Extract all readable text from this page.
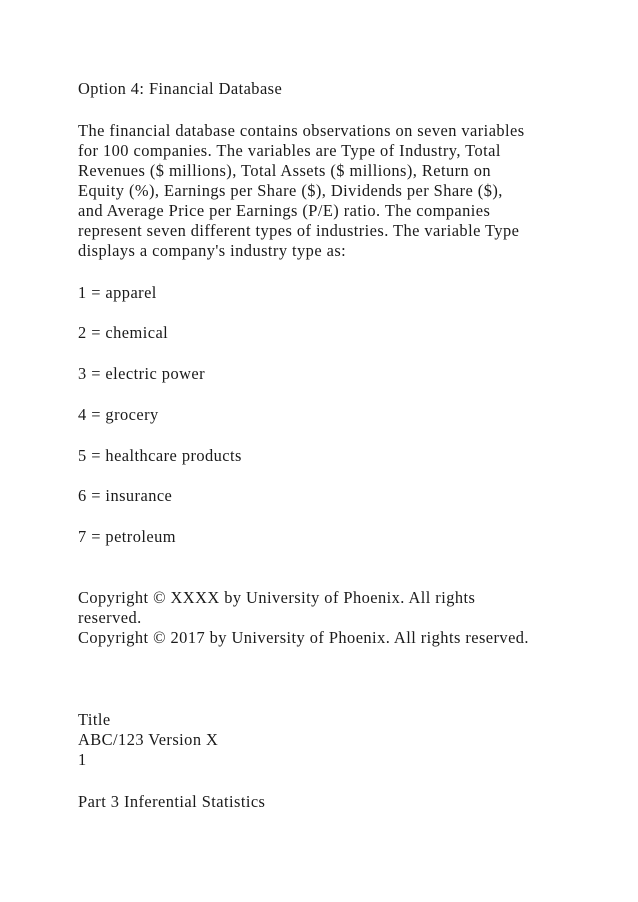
Option 4: Financial Database

The financial database contains observations on seven variables

for 100 companies. The variables are Type of Industry, Total

Revenues ($ millions), Total Assets ($ millions), Return on

Equity (%), Earnings per Share ($), Dividends per Share ($),

and Average Price per Earnings (P/E) ratio. The companies

represent seven different types of industries. The variable Type

displays a company's industry type as:

1 = apparel

2 = chemical

3 = electric power

4 = grocery

5 = healthcare products

6 = insurance

7 = petroleum

Copyright © XXXX by University of Phoenix. All rights

reserved.

Copyright © 2017 by University of Phoenix. All rights reserved.

Title

ABC/123 Version X

1

Part 3 Inferential Statistics
